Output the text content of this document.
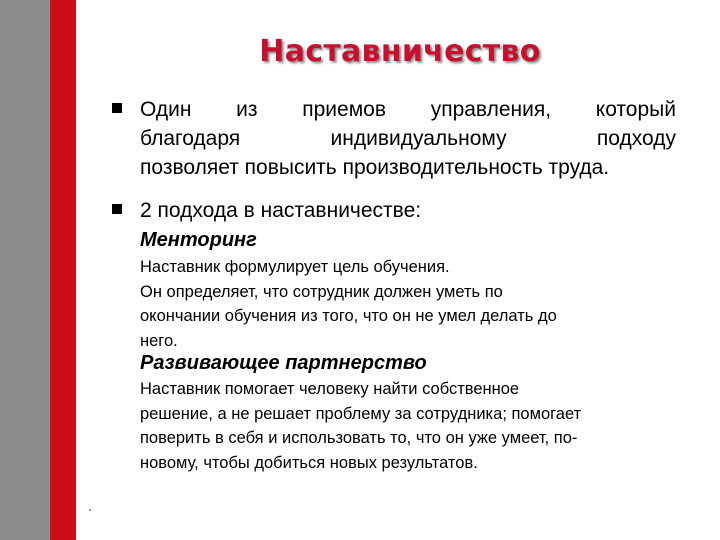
Наставничество
Один из приемов управления, который
благодаря индивидуальному подходу
позволяет повысить производительность труда.
2 подхода в наставничестве:
Менторинг
Наставник формулирует цель обучения.
Он определяет, что сотрудник должен уметь по
окончании обучения из того, что он не умел делать до
него.
Развивающее партнерство
Наставник помогает человеку найти собственное
решение, а не решает проблему за сотрудника; помогает
поверить в себя и использовать то, что он уже умеет, по-
новому, чтобы добиться новых результатов.
